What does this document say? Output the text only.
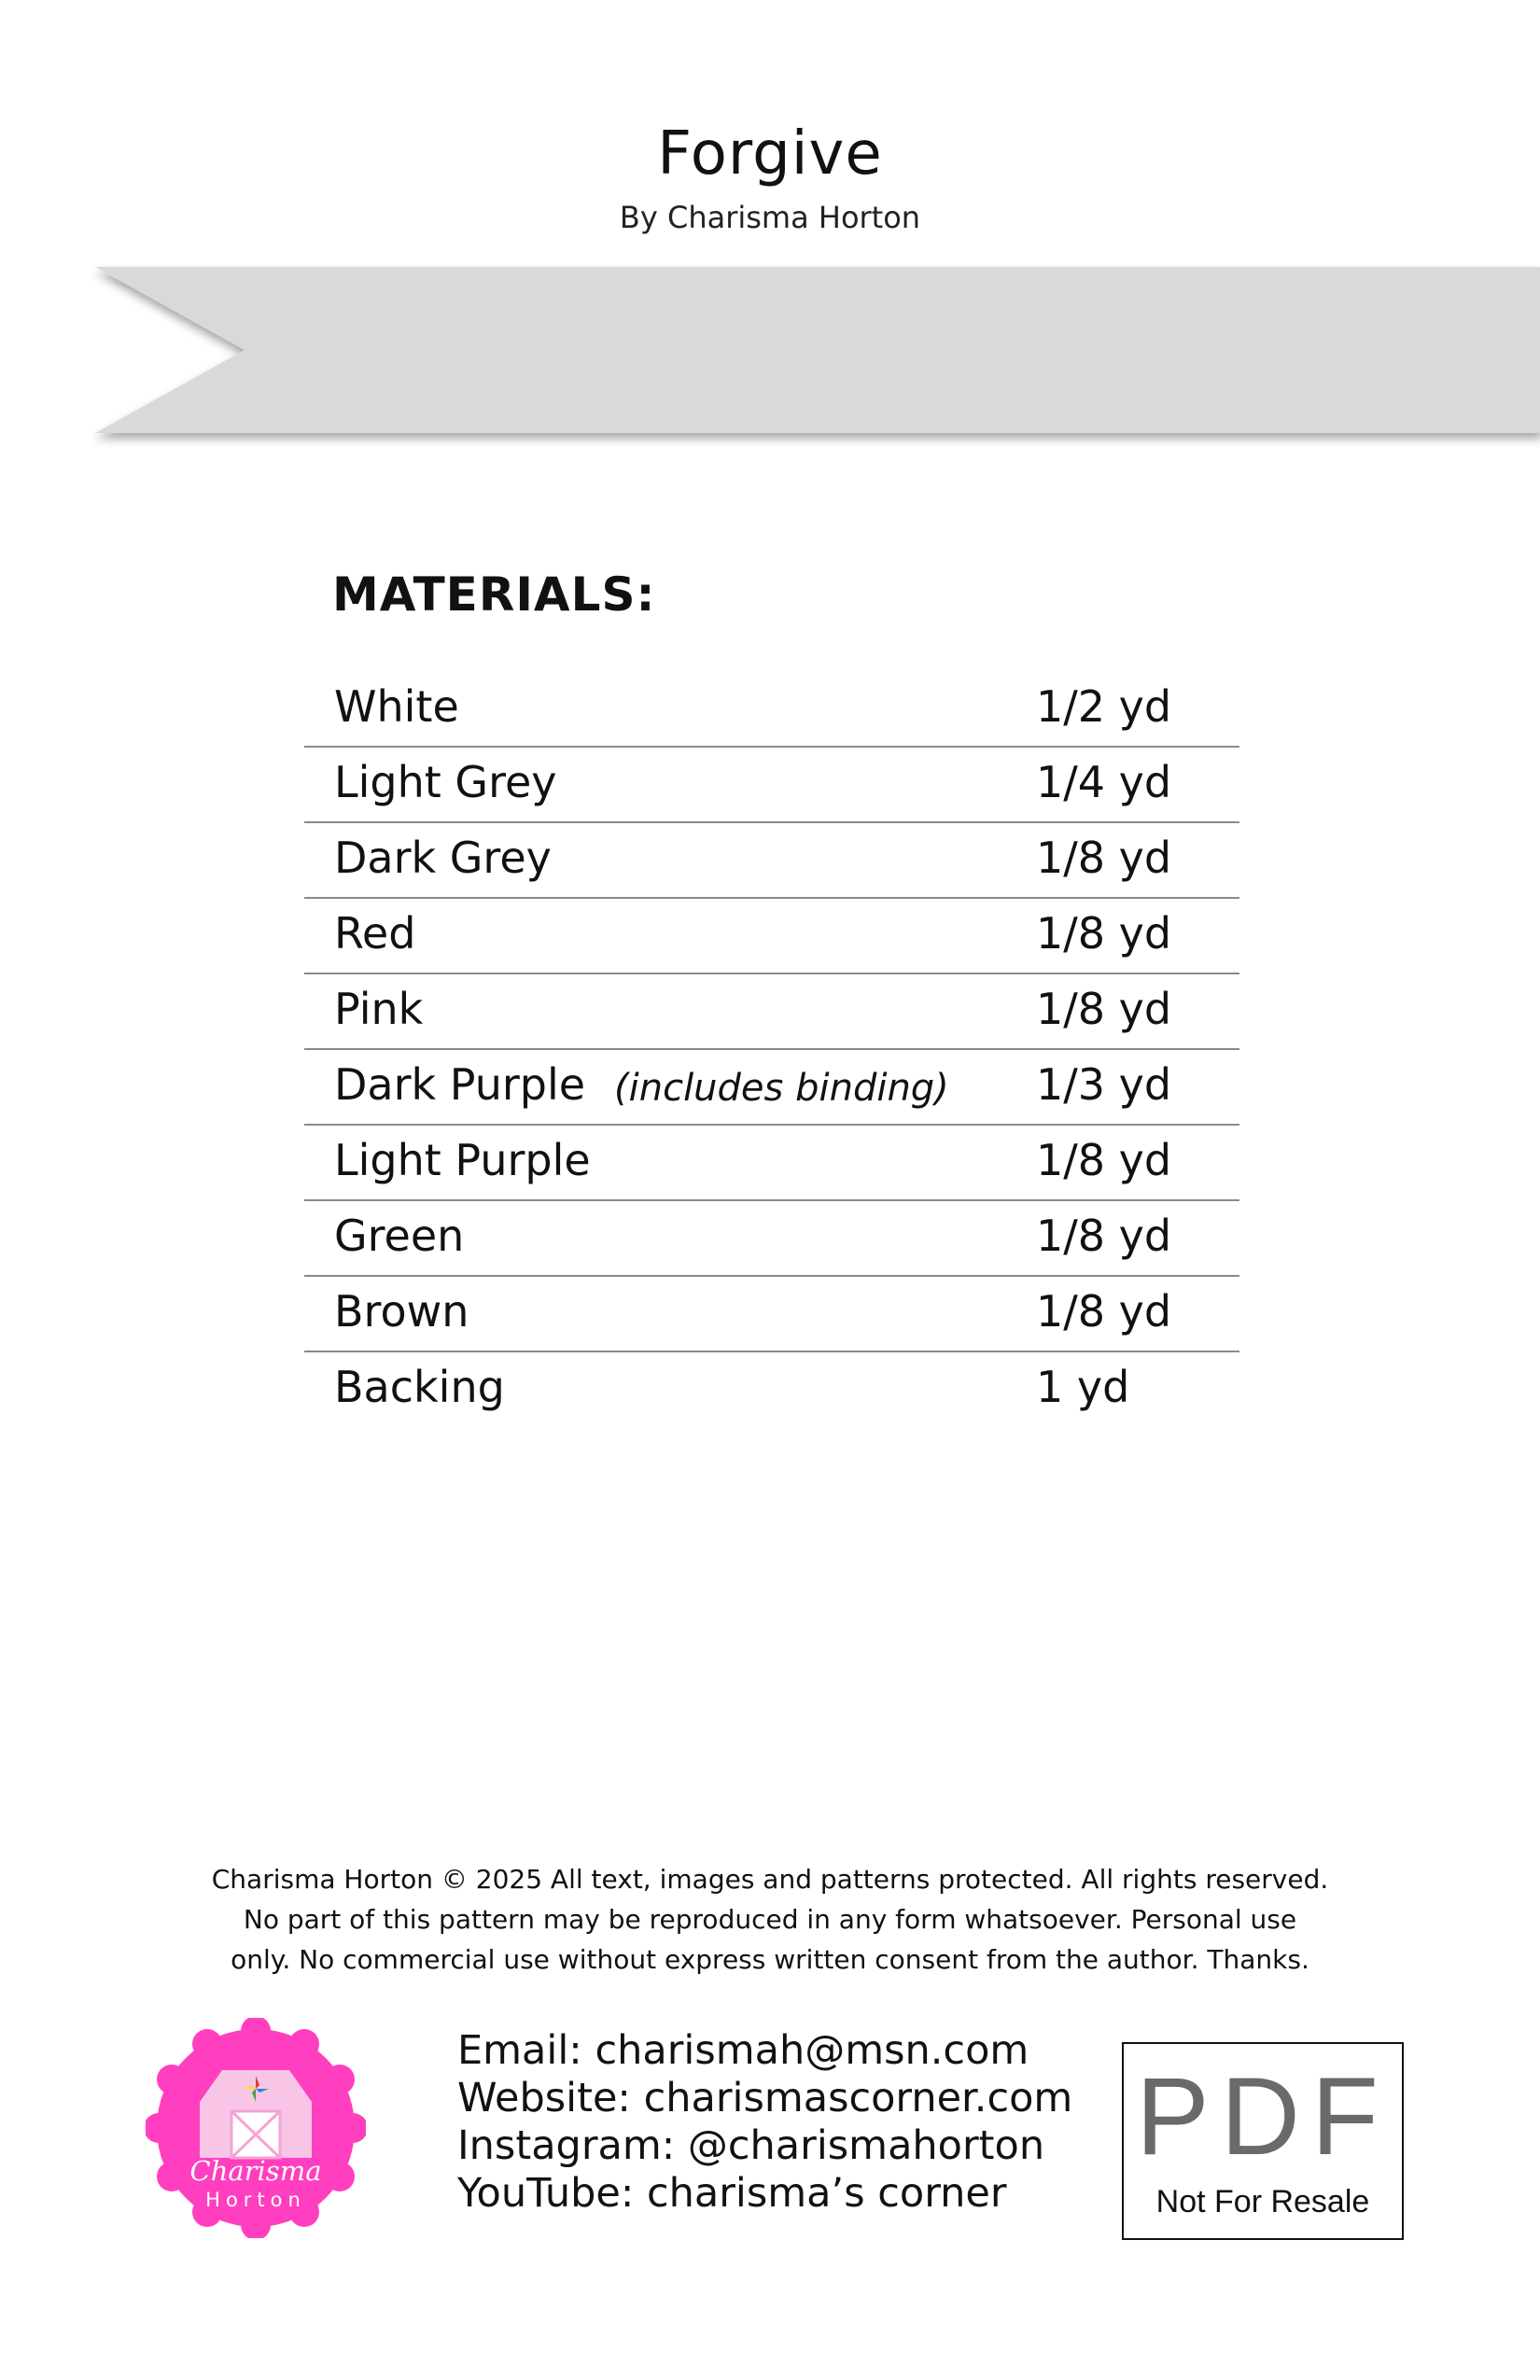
Forgive
By Charisma Horton
MATERIALS:
White	1/2 yd
Light Grey	1/4 yd
Dark Grey	1/8 yd
Red	1/8 yd
Pink	1/8 yd
Dark Purple (includes binding) 1/3 yd
Light Purple	1/8 yd
Green	1/8 yd
Brown	1/8 yd
Backing	1 yd
Charisma Horton © 2025 All text, images and patterns protected. All rights reserved.
No part of this pattern may be reproduced in any form whatsoever. Personal use
only. No commercial use without express written consent from the author. Thanks.
Charisma
Horton
Email: charismah@msn.com
Website: charismascorner.com
Instagram: @charismahorton
YouTube: charisma’s corner
PDF
Not For Resale
